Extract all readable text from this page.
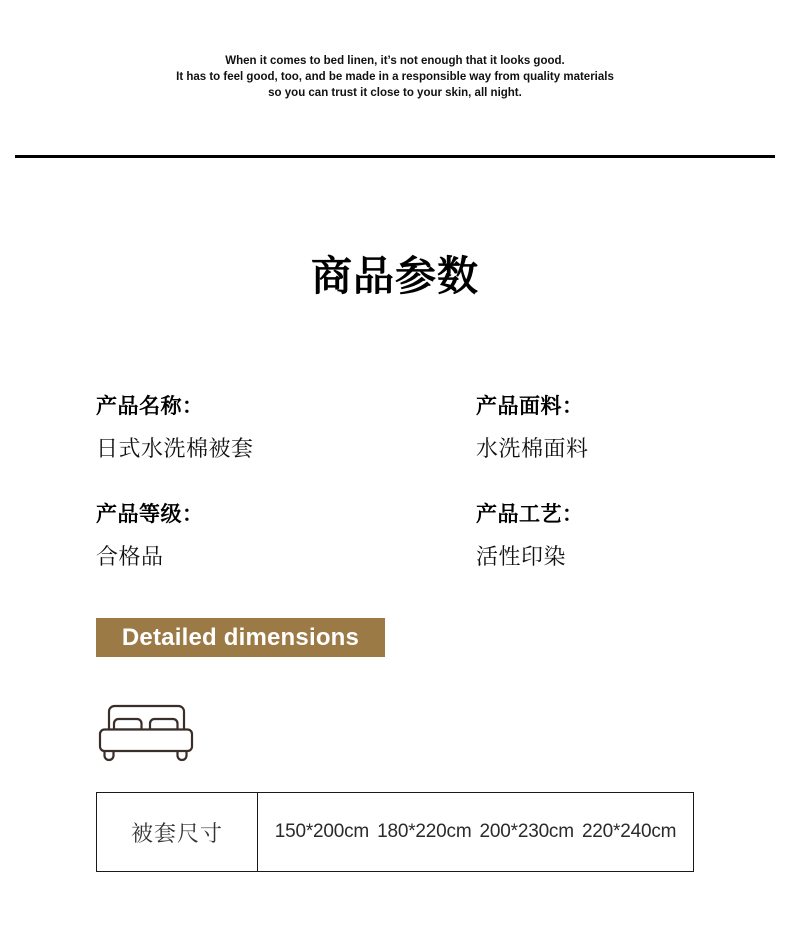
When it comes to bed linen, it’s not enough that it looks good.
It has to feel good, too, and be made in a responsible way from quality materials
so you can trust it close to your skin, all night.
商品参数
产品名称：
日式水洗棉被套
产品面料：
水洗棉面料
产品等级：
合格品
产品工艺：
活性印染
Detailed dimensions
被套尺寸	150*200cm 180*220cm 200*230cm 220*240cm
